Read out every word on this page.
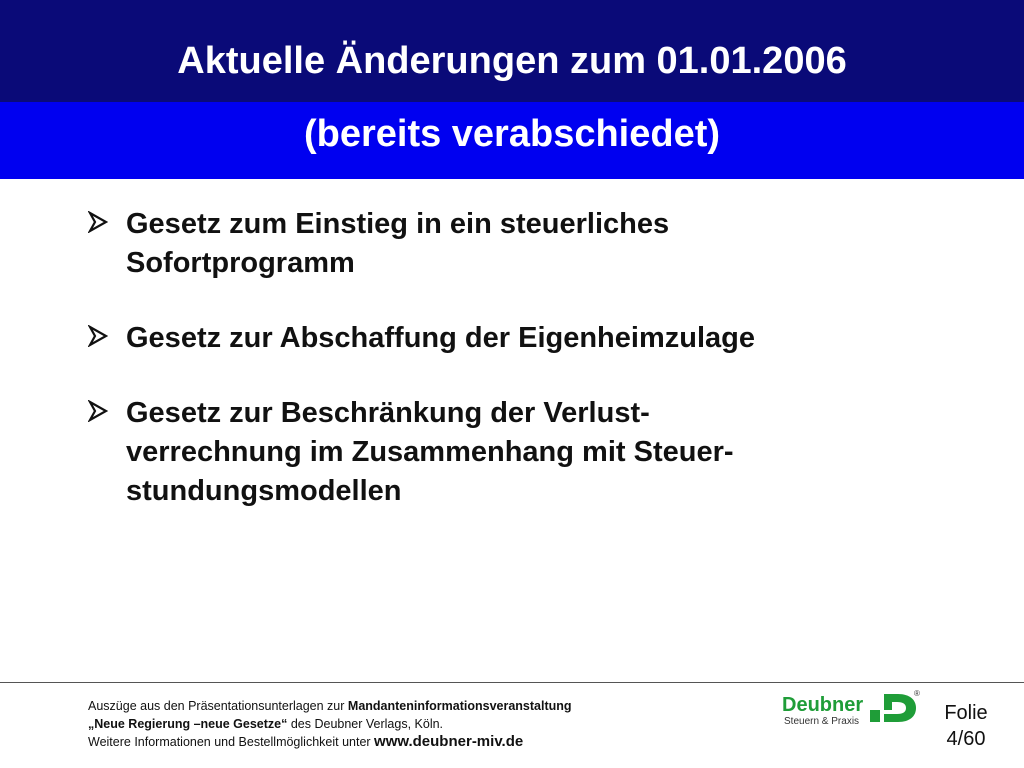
Aktuelle Änderungen zum 01.01.2006
(bereits verabschiedet)
Gesetz zum Einstieg in ein steuerliches
Sofortprogramm
Gesetz zur Abschaffung der Eigenheimzulage
Gesetz zur Beschränkung der Verlust-
verrechnung im Zusammenhang mit Steuer-
stundungsmodellen
Auszüge aus den Präsentationsunterlagen zur Mandanteninformationsveranstaltung
„Neue Regierung –neue Gesetze“ des Deubner Verlags, Köln.
Weitere Informationen und Bestellmöglichkeit unter www.deubner-miv.de
Deubner
Steuern & Praxis
®
Folie
4/60
